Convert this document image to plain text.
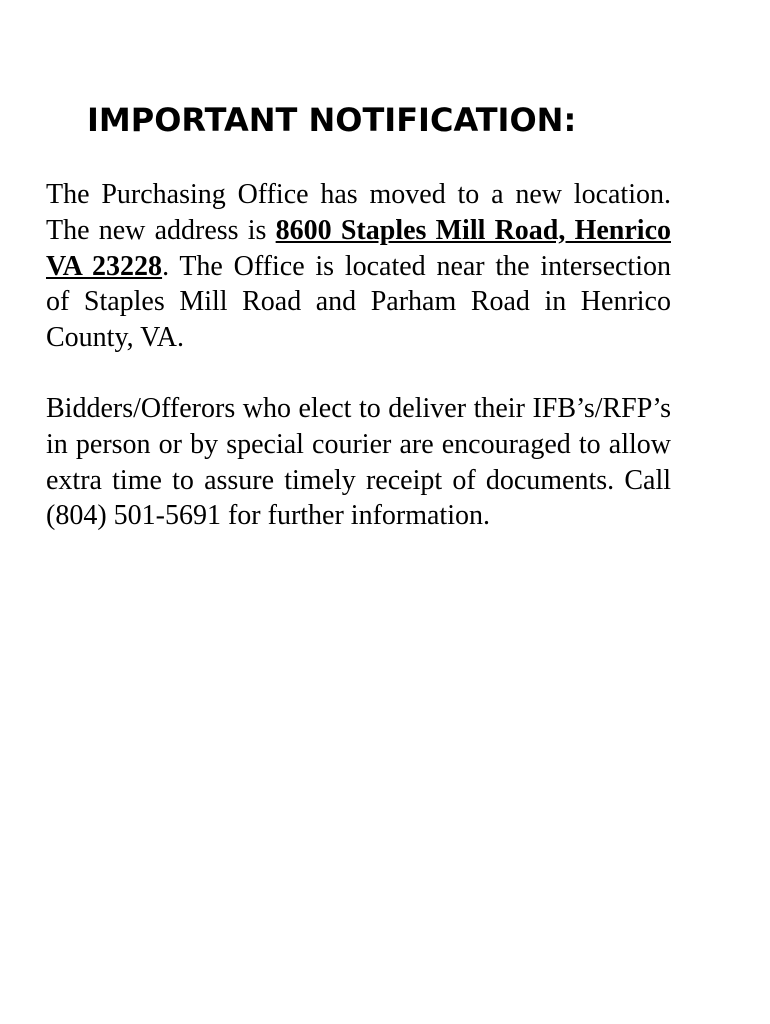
IMPORTANT NOTIFICATION:

The Purchasing Office has moved to a new location. The new address is 8600 Staples Mill Road, Henrico VA 23228. The Office is located near the intersection of Staples Mill Road and Parham Road in Henrico County, VA.

Bidders/Offerors who elect to deliver their IFB’s/RFP’s in person or by special courier are encouraged to allow extra time to assure timely receipt of documents. Call (804) 501-5691 for further information.
